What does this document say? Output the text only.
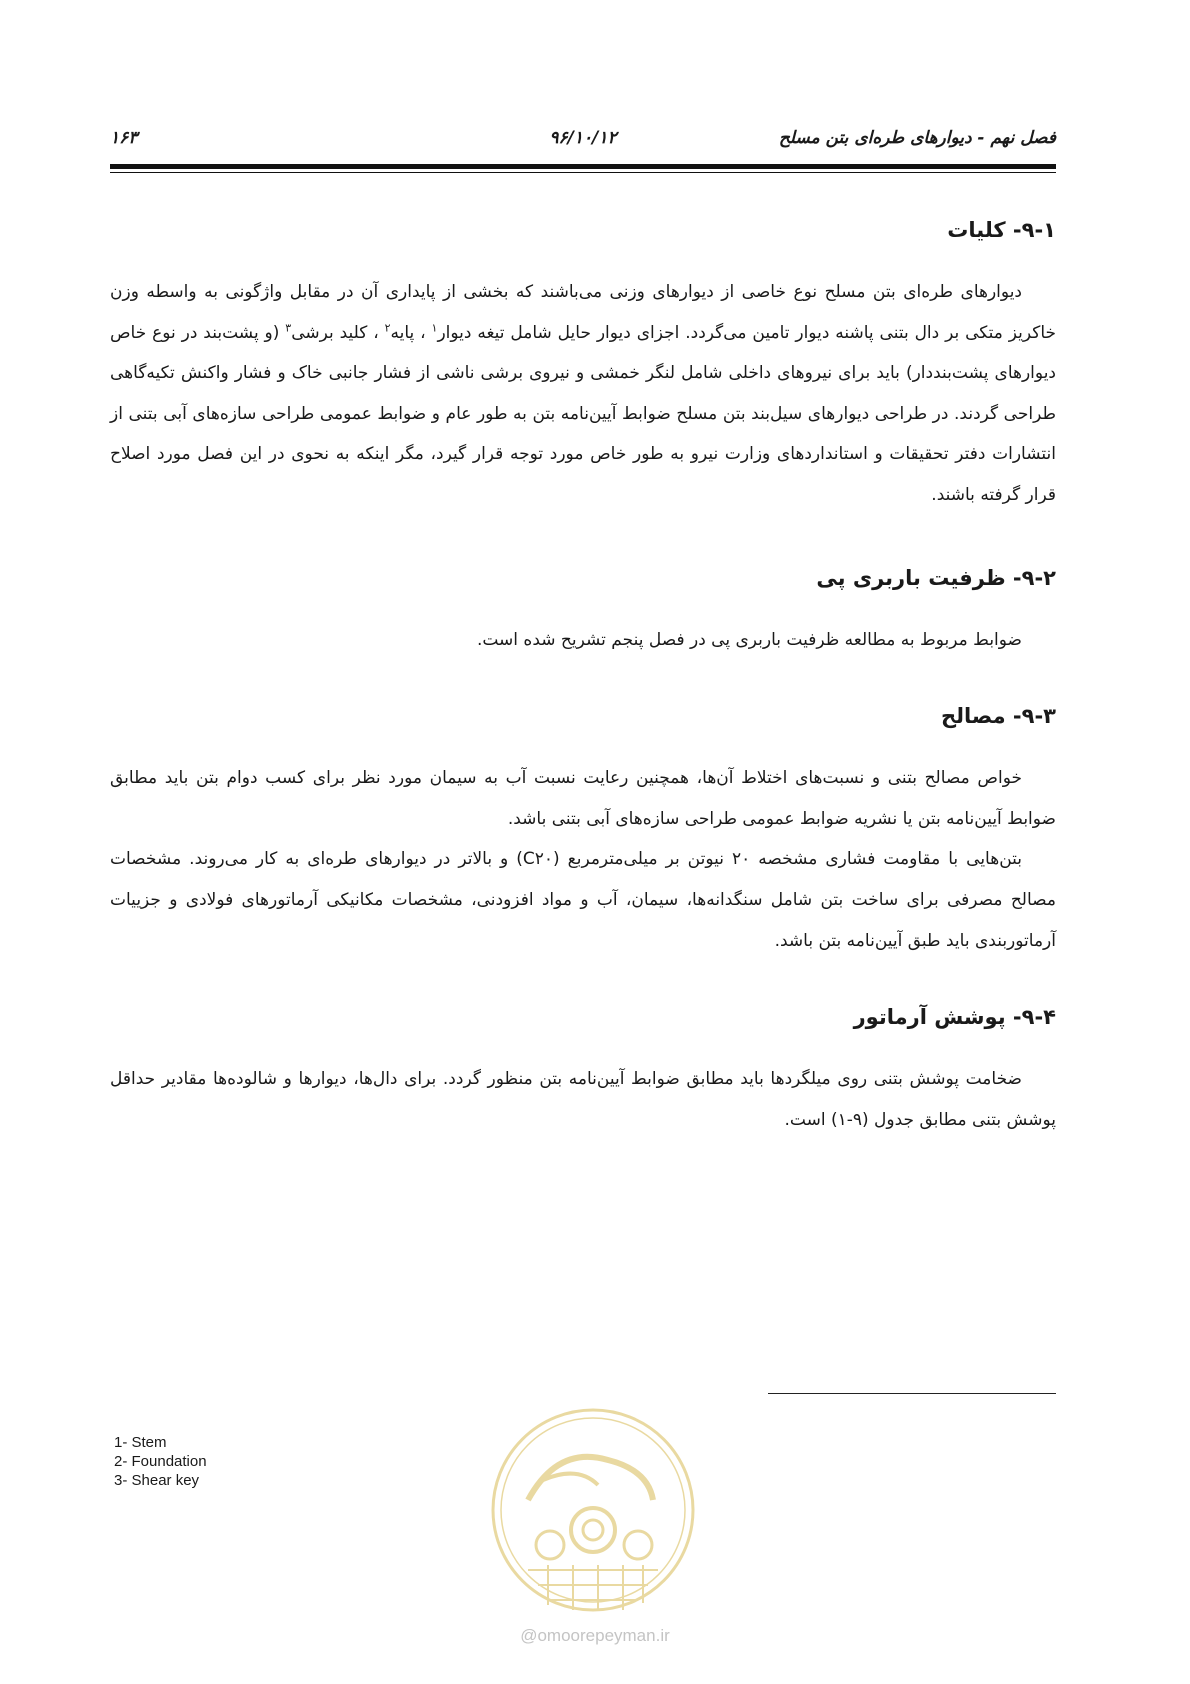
فصل نهم - دیوارهای طره‌ای بتن مسلح
۹۶/۱۰/۱۲
۱۶۳
۹-۱- کلیات

دیوارهای طره‌ای بتن مسلح نوع خاصی از دیوارهای وزنی می‌باشند که بخشی از پایداری آن در مقابل واژگونی به واسطه وزن خاکریز متکی بر دال بتنی پاشنه دیوار تامین می‌گردد. اجزای دیوار حایل شامل تیغه دیوار$^۱$ ، پایه$^۲$ ، کلید برشی$^۳$ (و پشت‌بند در نوع خاص دیوارهای پشت‌بنددار) باید برای نیروهای داخلی شامل لنگر خمشی و نیروی برشی ناشی از فشار جانبی خاک و فشار واکنش تکیه‌گاهی طراحی گردند. در طراحی دیوارهای سیل‌بند بتن مسلح ضوابط آیین‌نامه بتن به طور عام و ضوابط عمومی طراحی سازه‌های آبی بتنی از انتشارات دفتر تحقیقات و استانداردهای وزارت نیرو به طور خاص مورد توجه قرار گیرد، مگر اینکه به نحوی در این فصل مورد اصلاح قرار گرفته باشند.

۹-۲- ظرفیت باربری پی

ضوابط مربوط به مطالعه ظرفیت باربری پی در فصل پنجم تشریح شده است.

۹-۳- مصالح

خواص مصالح بتنی و نسبت‌های اختلاط آن‌ها، همچنین رعایت نسبت آب به سیمان مورد نظر برای کسب دوام بتن باید مطابق ضوابط آیین‌نامه بتن یا نشریه ضوابط عمومی طراحی سازه‌های آبی بتنی باشد.

بتن‌هایی با مقاومت فشاری مشخصه ۲۰ نیوتن بر میلی‌مترمربع (C۲۰) و بالاتر در دیوارهای طره‌ای به کار می‌روند. مشخصات مصالح مصرفی برای ساخت بتن شامل سنگدانه‌ها، سیمان، آب و مواد افزودنی، مشخصات مکانیکی آرماتورهای فولادی و جزییات آرماتوربندی باید طبق آیین‌نامه بتن باشد.

۹-۴- پوشش آرماتور

ضخامت پوشش بتنی روی میلگردها باید مطابق ضوابط آیین‌نامه بتن منظور گردد. برای دال‌ها، دیوارها و شالوده‌ها مقادیر حداقل پوشش بتنی مطابق جدول (۹-۱) است.

1- Stem
2- Foundation
3- Shear key
@omoorepeyman.ir
